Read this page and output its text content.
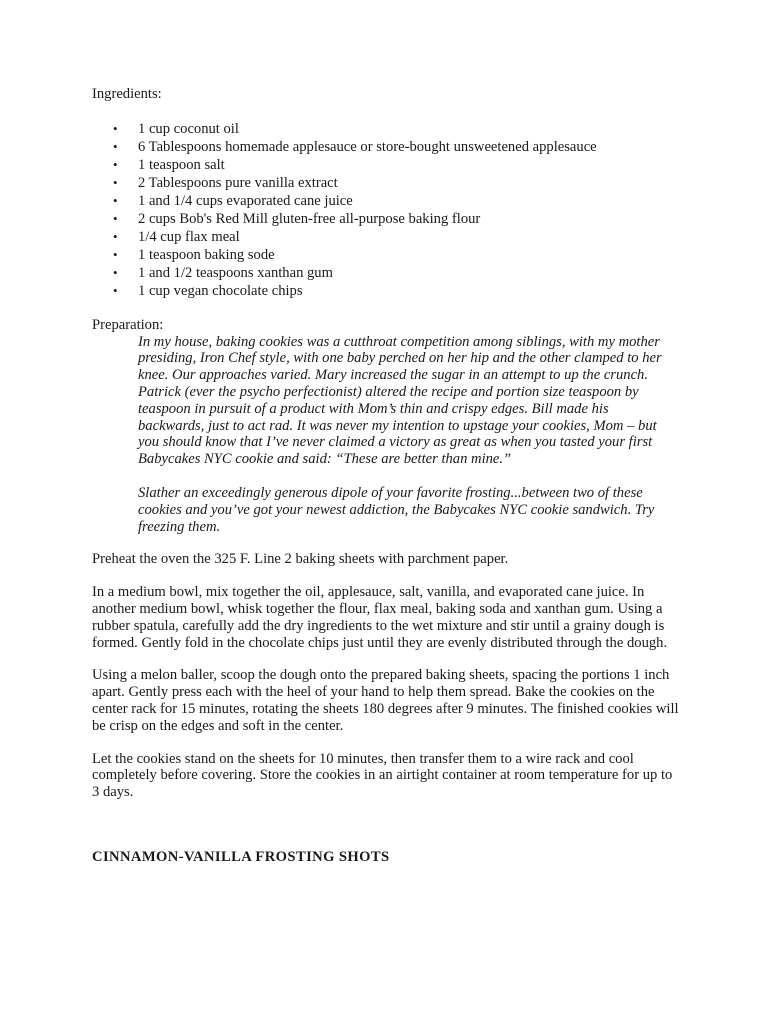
Ingredients:

• 1 cup coconut oil
• 6 Tablespoons homemade applesauce or store-bought unsweetened applesauce
• 1 teaspoon salt
• 2 Tablespoons pure vanilla extract
• 1 and 1/4 cups evaporated cane juice
• 2 cups Bob's Red Mill gluten-free all-purpose baking flour
• 1/4 cup flax meal
• 1 teaspoon baking sode
• 1 and 1/2 teaspoons xanthan gum
• 1 cup vegan chocolate chips

Preparation:

In my house, baking cookies was a cutthroat competition among siblings, with my mother presiding, Iron Chef style, with one baby perched on her hip and the other clamped to her knee. Our approaches varied. Mary increased the sugar in an attempt to up the crunch. Patrick (ever the psycho perfectionist) altered the recipe and portion size teaspoon by teaspoon in pursuit of a product with Mom’s thin and crispy edges. Bill made his backwards, just to act rad. It was never my intention to upstage your cookies, Mom – but you should know that I’ve never claimed a victory as great as when you tasted your first Babycakes NYC cookie and said: “These are better than mine.”

Slather an exceedingly generous dipole of your favorite frosting...between two of these cookies and you’ve got your newest addiction, the Babycakes NYC cookie sandwich. Try freezing them.

Preheat the oven the 325 F. Line 2 baking sheets with parchment paper.

In a medium bowl, mix together the oil, applesauce, salt, vanilla, and evaporated cane juice. In another medium bowl, whisk together the flour, flax meal, baking soda and xanthan gum. Using a rubber spatula, carefully add the dry ingredients to the wet mixture and stir until a grainy dough is formed. Gently fold in the chocolate chips just until they are evenly distributed through the dough.

Using a melon baller, scoop the dough onto the prepared baking sheets, spacing the portions 1 inch apart. Gently press each with the heel of your hand to help them spread. Bake the cookies on the center rack for 15 minutes, rotating the sheets 180 degrees after 9 minutes. The finished cookies will be crisp on the edges and soft in the center.

Let the cookies stand on the sheets for 10 minutes, then transfer them to a wire rack and cool completely before covering. Store the cookies in an airtight container at room temperature for up to 3 days.

CINNAMON-VANILLA FROSTING SHOTS
